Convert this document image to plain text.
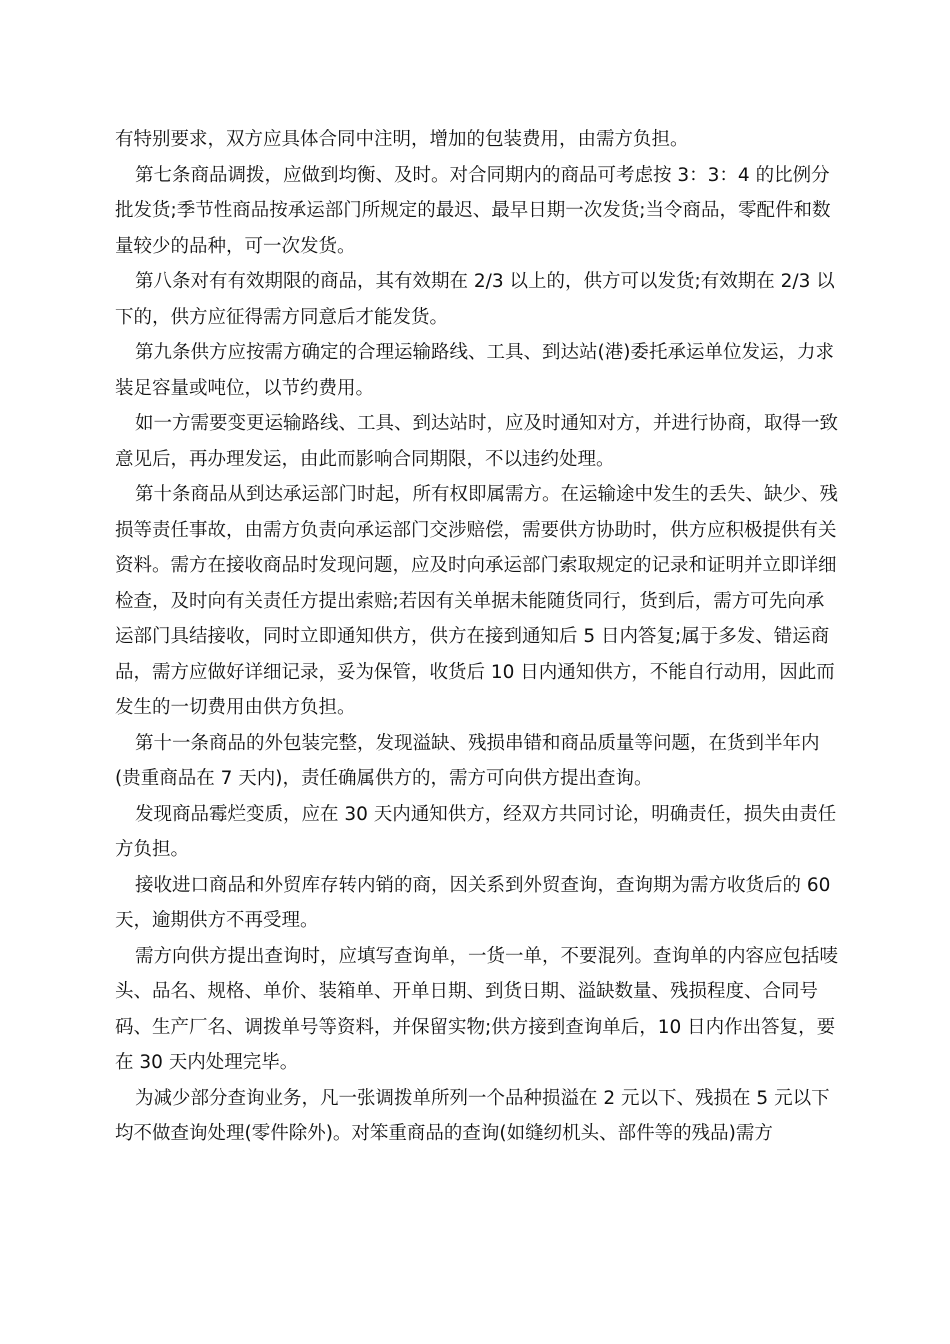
有特别要求，双方应具体合同中注明，增加的包装费用，由需方负担。

第七条商品调拨，应做到均衡、及时。对合同期内的商品可考虑按 3：3：4 的比例分批发货;季节性商品按承运部门所规定的最迟、最早日期一次发货;当令商品，零配件和数量较少的品种，可一次发货。

第八条对有有效期限的商品，其有效期在 2/3 以上的，供方可以发货;有效期在 2/3 以下的，供方应征得需方同意后才能发货。

第九条供方应按需方确定的合理运输路线、工具、到达站(港)委托承运单位发运，力求装足容量或吨位，以节约费用。

如一方需要变更运输路线、工具、到达站时，应及时通知对方，并进行协商，取得一致意见后，再办理发运，由此而影响合同期限，不以违约处理。

第十条商品从到达承运部门时起，所有权即属需方。在运输途中发生的丢失、缺少、残损等责任事故，由需方负责向承运部门交涉赔偿，需要供方协助时，供方应积极提供有关资料。需方在接收商品时发现问题，应及时向承运部门索取规定的记录和证明并立即详细检查，及时向有关责任方提出索赔;若因有关单据未能随货同行，货到后，需方可先向承运部门具结接收，同时立即通知供方，供方在接到通知后 5 日内答复;属于多发、错运商品，需方应做好详细记录，妥为保管，收货后 10 日内通知供方，不能自行动用，因此而发生的一切费用由供方负担。

第十一条商品的外包装完整，发现溢缺、残损串错和商品质量等问题，在货到半年内(贵重商品在 7 天内)，责任确属供方的，需方可向供方提出查询。

发现商品霉烂变质，应在 30 天内通知供方，经双方共同讨论，明确责任，损失由责任方负担。

接收进口商品和外贸库存转内销的商，因关系到外贸查询，查询期为需方收货后的 60 天，逾期供方不再受理。

需方向供方提出查询时，应填写查询单，一货一单，不要混列。查询单的内容应包括唛头、品名、规格、单价、装箱单、开单日期、到货日期、溢缺数量、残损程度、合同号码、生产厂名、调拨单号等资料，并保留实物;供方接到查询单后，10 日内作出答复，要在 30 天内处理完毕。

为减少部分查询业务，凡一张调拨单所列一个品种损溢在 2 元以下、残损在 5 元以下均不做查询处理(零件除外)。对笨重商品的查询(如缝纫机头、部件等的残品)需方
